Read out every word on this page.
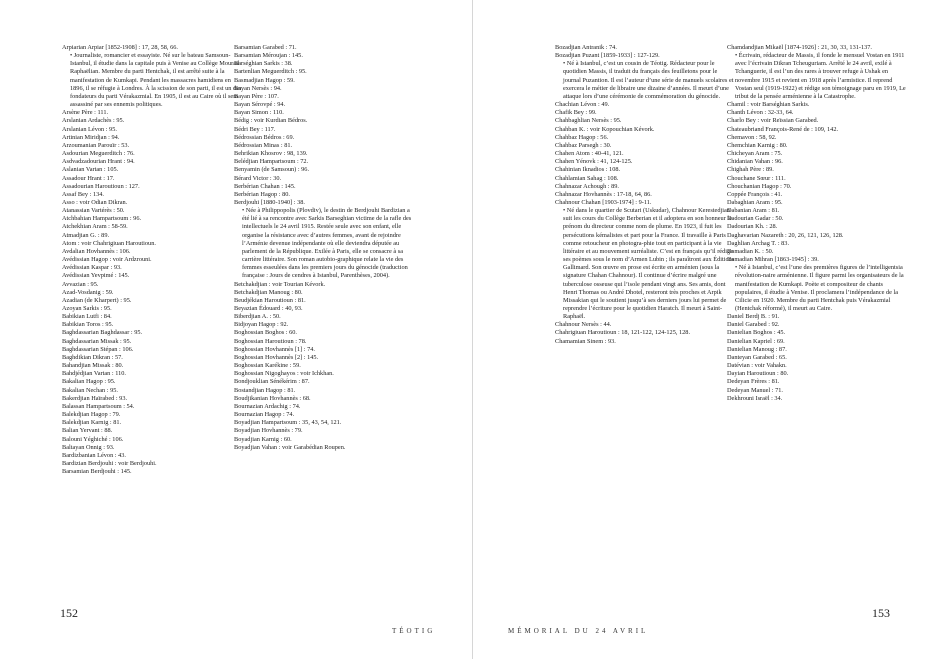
Arpiarian Arpiar [1852-1908] : 17, 28, 58, 66.
• Journaliste, romancier et essayiste. Né sur le bateau Samsoun-Istanbul, il étudie dans la capitale puis à Venise au Collège Mourad Raphaëlian. Membre du parti Hentchak, il est arrêté suite à la manifestation de Kumkapi. Pendant les massacres hamidiens en 1896, il se réfugie à Londres. À la scission de son parti, il est un des fondateurs du parti Vérakazmial. En 1905, il est au Caire où il sera assassiné par ses ennemis politiques.
Arsène Père : 111.
Arslanian Ardachès : 95.
Arslanian Lévon : 95.
Artinian Miridjan : 94.
Arzoumanian Parouïr : 53.
Asdourian Meguerditch : 76.
Asdvadzadourian Hrant : 94.
Aslanian Vartan : 105.
Assadour Hrant : 17.
Assadourian Haroutioun : 127.
Assaf Bey : 134.
Asso : voir Odian Dikran.
Atanassian Vartérès : 50.
Atchbahian Hampartsoum : 96.
Atchekhian Aram : 58-59.
Atmadjian G. : 89.
Atom : voir Chahrigiuan Haroutioun.
Avdalian Hovhannès : 106.
Avédissian Hagop : voir Ardzrouni.
Avédissian Kaspar : 93.
Avédissian Yevpimé : 145.
Avvazian : 95.
Azad-Vosdanig : 59.
Azadian (de Kharpert) : 95.
Azoyan Sarkis : 95.
Babikian Lutfi : 84.
Babikian Toros : 95.
Baghdassarian Baghdassar : 95.
Baghdassarian Missak : 95.
Baghdassarian Stépan : 106.
Baghdikian Dikran : 57.
Bahandjian Missak : 80.
Bahdjédjian Vartan : 110.
Bakalian Hagop : 95.
Bakalian Nechan : 95.
Bakerdjian Haïrabed : 93.
Balassan Hampartsoum : 54.
Balekdjian Hagop : 79.
Balekdjian Karnig : 81.
Balian Yervant : 88.
Balouni Yéghiché : 106.
Baltayan Onnig : 93.
Bardizbanian Lévon : 43.
Bardizian Berdjouhi : voir Berdjouhi.
Barsamian Berdjouhi : 145.
Barsamian Garabed : 71.
Barsamian Méroujan : 145.
Barséghian Sarkis : 38.
Bartenlian Meguerditch : 95.
Basmadjian Hagop : 59.
Bayan Nersès : 94.
Bayan Père : 107.
Bayan Sérovpé : 94.
Bayan Simon : 110.
Bédig : voir Kurdian Bédros.
Bédri Bey : 117.
Bédrossian Bédros : 69.
Bédrossian Minas : 81.
Behrikian Khosrov : 98, 139.
Belédjian Hampartsoum : 72.
Benyamin (de Samsoun) : 96.
Bérard Victor : 30.
Berbérian Chahan : 145.
Berbérian Hagop : 80.
Berdjouhi [1880-1940] : 38.
• Née à Philippopolis (Plovdiv), le destin de Berdjouhi Bardizian a été lié à sa rencontre avec Sarkis Barseghian victime de la rafle des intellectuels le 24 avril 1915. Restée seule avec son enfant, elle organise la résistance avec d’autres femmes, avant de rejoindre l’Arménie devenue indépendante où elle deviendra députée au parlement de la République. Exilée à Paris, elle se consacre à sa carrière littéraire. Son roman autobio-graphique relate la vie des femmes esseulées dans les premiers jours du génocide (traduction française : Jours de cendres à Istanbul, Parenthèses, 2004).
Betchakdjian : voir Tourian Kévork.
Betchakdjian Manoug : 80.
Beudjékian Haroutioun : 81.
Beyazian Édouard : 40, 93.
Biberdjian A. : 50.
Bidjoyan Hagop : 92.
Boghossian Boghos : 60.
Boghossian Haroutioun : 78.
Boghossian Hovhannès [1] : 74.
Boghossian Hovhannès [2] : 145.
Boghossian Karékine : 59.
Boghossian Nigoghayos : voir Ichkhan.
Bondjouklian Sénékérim : 87.
Bostandjian Hagop : 81.
Boudjikanian Hovhannès : 68.
Bournazian Ardachig : 74.
Bournazian Hagop : 74.
Boyadjian Hampartsoum : 35, 43, 54, 121.
Boyadjian Hovhannès : 79.
Boyadjian Karnig : 60.
Boyadjian Vahan : voir Garabédian Roupen.
152
TÉOTIG
Bozadjian Antranik : 74.
Bozadjian Puzant [1859-1933] : 127-129.
• Né à Istanbul, c’est un cousin de Téotig. Rédacteur pour le quotidien Massis, il traduit du français des feuilletons pour le journal Puzantion. Il est l’auteur d’une série de manuels scolaires et exercera le métier de libraire une dizaine d’années. Il meurt d’une attaque lors d’une cérémonie de commémoration du génocide.
Chachian Lévon : 49.
Chafik Bey : 99.
Chahbaghlian Nersès : 95.
Chahban K. : voir Kopouchian Kévork.
Chahbaz Hagop : 56.
Chahbaz Parsegh : 30.
Chahen Atom : 40-41, 121.
Chahen Yénovk : 41, 124-125.
Chahinian Iknadios : 108.
Chahlamian Sahag : 108.
Chahnazar Achough : 89.
Chahnazar Hovhannès : 17-18, 64, 86.
Chahnour Chahan [1903-1974] : 9-11.
• Né dans le quartier de Scutari (Uskudar), Chahnour Kerestedjian suit les cours du Collège Berberian et il adoptera en son honneur le prénom du directeur comme nom de plume. En 1923, il fuit les persécutions kémalistes et part pour la France. Il travaille à Paris comme retoucheur en photogra-phie tout en participant à la vie littéraire et au mouvement surréaliste. C’est en français qu’il rédige ses poèmes sous le nom d’Armen Lubin ; ils paraîtront aux Éditions Gallimard. Son œuvre en prose est écrite en arménien (sous la signature Chahan Chahnour). Il continue d’écrire malgré une tuberculose osseuse qui l’isole pendant vingt ans. Ses amis, dont Henri Thomas ou André Dhotel, resteront très proches et Arpik Missakian qui le soutient jusqu’à ses derniers jours lui permet de reprendre l’écriture pour le quotidien Haratch. Il meurt à Saint-Raphaël.
Chahnour Nersès : 44.
Chahrigiuan Haroutioun : 18, 121-122, 124-125, 128.
Chamamian Sinem : 93.
Chamdandjian Mikaël [1874-1926] : 21, 30, 33, 131-137.
• Écrivain, rédacteur de Massis, il fonde le mensuel Vostan en 1911 avec l’écrivain Dikran Tcheuguriam. Arrêté le 24 avril, exilé à Tchanguerie, il est l’un des rares à trouver refuge à Ushak en novembre 1915 et revient en 1918 après l’armistice. Il reprend Vostan seul (1919-1922) et rédige son témoignage paru en 1919, Le tribut de la pensée arménienne à la Catastrophe.
Chamil : voir Barséghian Sarkis.
Chanth Lévon : 32-33, 64.
Charlo Bey : voir Reïssian Garabed.
Chateaubriand François-René de : 109, 142.
Chemavon : 58, 92.
Chemchian Karnig : 80.
Chicheyan Aram : 75.
Chidanian Vahan : 96.
Chighah Père : 89.
Chouchane Sœur : 111.
Chouchanian Hagop : 70.
Coppée François : 41.
Dabaghian Aram : 95.
Dabanian Aram : 81.
Dadourian Gadar : 50.
Dadourian Kh. : 28.
Daghavarian Nazareth : 20, 26, 121, 126, 128.
Daghlian Archag T. : 83.
Damadian K. : 50.
Damadian Mihran [1863-1945] : 39.
• Né à Istanbul, c’est l’une des premières figures de l’intelligentsia révolution-naire arménienne. Il figure parmi les organisateurs de la manifestation de Kumkapi. Poète et compositeur de chants populaires, il étudie à Venise. Il proclamera l’indépendance de la Cilicie en 1920. Membre du parti Hentchak puis Vérakazmial (Hentchak réformé), il meurt au Caire.
Daniel Berdj B. : 91.
Daniel Garabed : 92.
Danielian Boghos : 45.
Danielian Kapriel : 69.
Danielian Manoug : 87.
Danteyan Garabed : 65.
Datévian : voir Vahakn.
Dayian Haroutioun : 80.
Dedeyan Frères : 81.
Dedeyan Manuel : 71.
Dekhrouni Israël : 34.
153
MÉMORIAL DU 24 AVRIL
